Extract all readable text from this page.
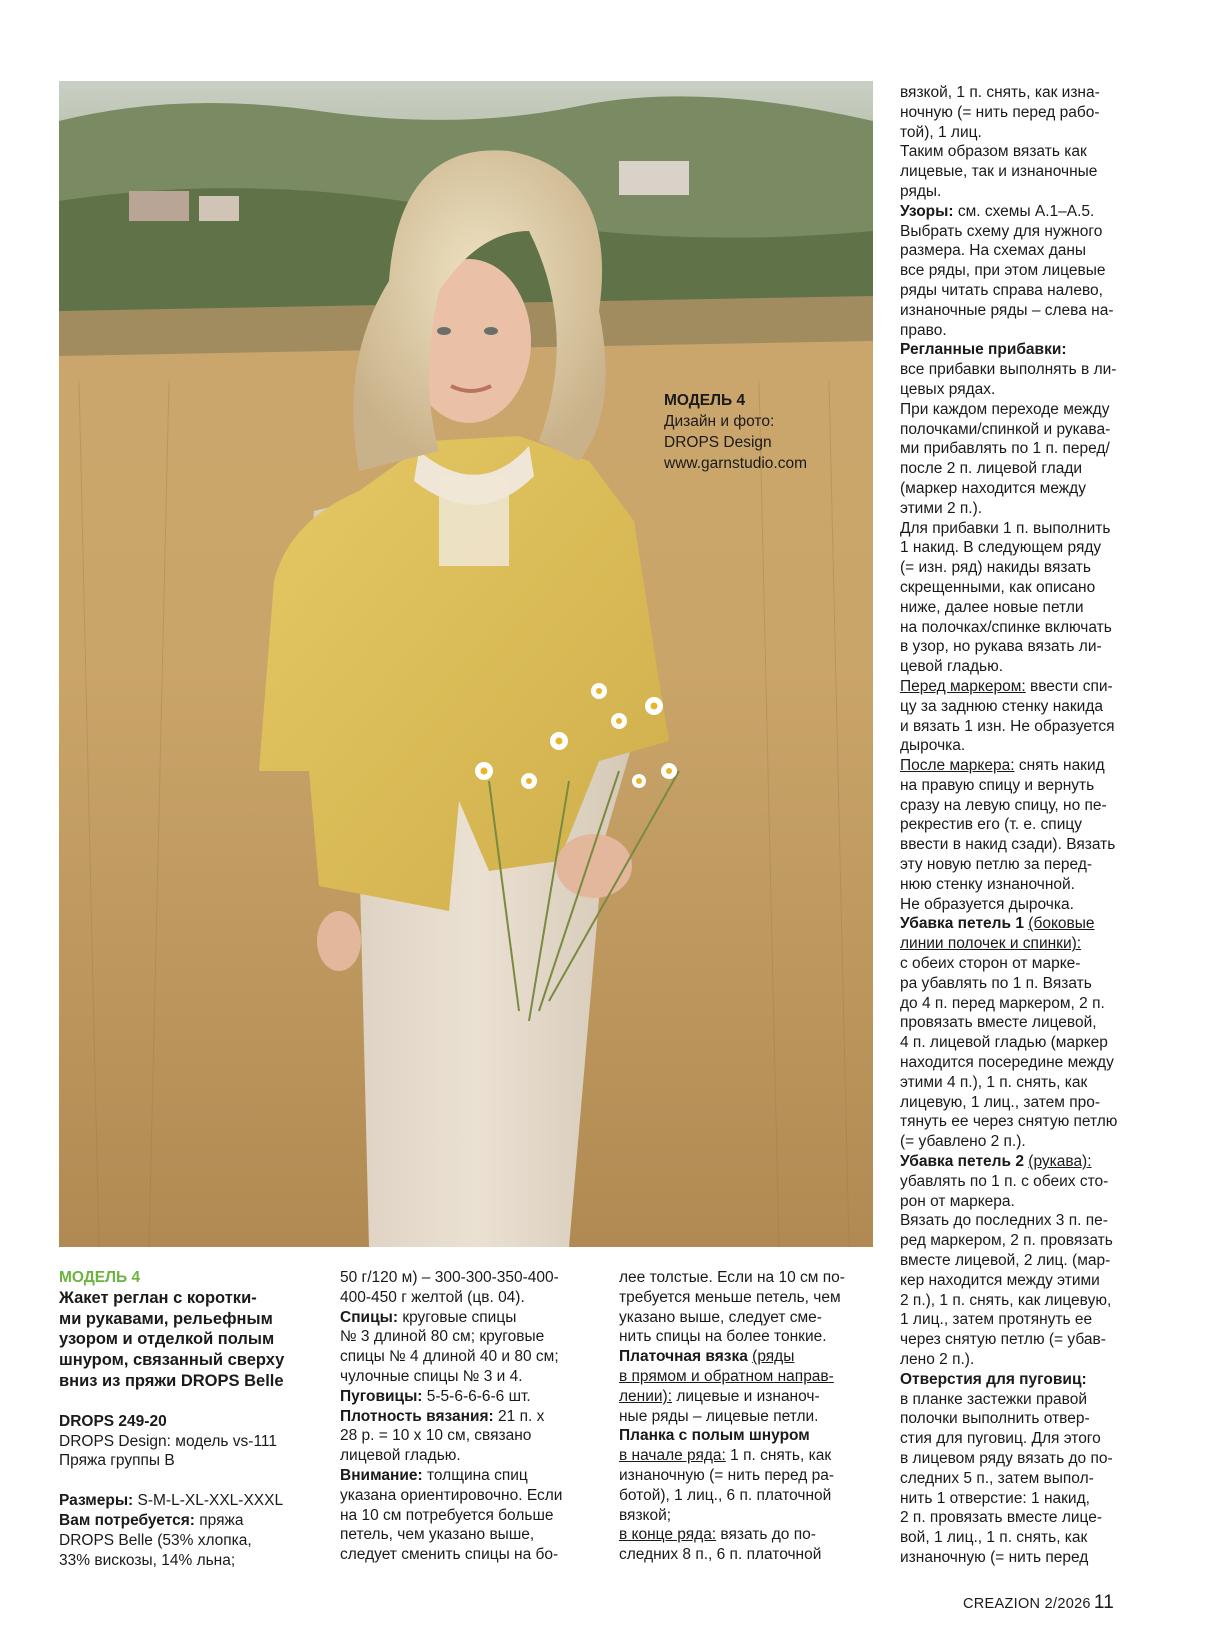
МОДЕЛЬ 4
Дизайн и фото:
DROPS Design
www.garnstudio.com

вязкой, 1 п. снять, как изна-

ночную (= нить перед рабо-

той), 1 лиц.

Таким образом вязать как

лицевые, так и изнаночные

ряды.

Узоры: см. схемы А.1–А.5.

Выбрать схему для нужного

размера. На схемах даны

все ряды, при этом лицевые

ряды читать справа налево,

изнаночные ряды – слева на-

право.

Регланные прибавки:

все прибавки выполнять в ли-

цевых рядах.

При каждом переходе между

полочками/спинкой и рукава-

ми прибавлять по 1 п. перед/

после 2 п. лицевой глади

(маркер находится между

этими 2 п.).

Для прибавки 1 п. выполнить

1 накид. В следующем ряду

(= изн. ряд) накиды вязать

скрещенными, как описано

ниже, далее новые петли

на полочках/спинке включать

в узор, но рукава вязать ли-

цевой гладью.

Перед маркером: ввести спи-

цу за заднюю стенку накида

и вязать 1 изн. Не образуется

дырочка.

После маркера: снять накид

на правую спицу и вернуть

сразу на левую спицу, но пе-

рекрестив его (т. е. спицу

ввести в накид сзади). Вязать

эту новую петлю за перед-

нюю стенку изнаночной.

Не образуется дырочка.

Убавка петель 1 (боковые

линии полочек и спинки):

с обеих сторон от марке-

ра убавлять по 1 п. Вязать

до 4 п. перед маркером, 2 п.

провязать вместе лицевой,

4 п. лицевой гладью (маркер

находится посередине между

этими 4 п.), 1 п. снять, как

лицевую, 1 лиц., затем про-

тянуть ее через снятую петлю

(= убавлено 2 п.).

Убавка петель 2 (рукава):

убавлять по 1 п. с обеих сто-

рон от маркера.

Вязать до последних 3 п. пе-

ред маркером, 2 п. провязать

вместе лицевой, 2 лиц. (мар-

кер находится между этими

2 п.), 1 п. снять, как лицевую,

1 лиц., затем протянуть ее

через снятую петлю (= убав-

лено 2 п.).

Отверстия для пуговиц:

в планке застежки правой

полочки выполнить отвер-

стия для пуговиц. Для этого

в лицевом ряду вязать до по-

следних 5 п., затем выпол-

нить 1 отверстие: 1 накид,

2 п. провязать вместе лице-

вой, 1 лиц., 1 п. снять, как

изнаночную (= нить перед

МОДЕЛЬ 4

Жакет реглан с коротки-

ми рукавами, рельефным

узором и отделкой полым

шнуром, связанный сверху

вниз из пряжи DROPS Belle

DROPS 249-20

DROPS Design: модель vs-111

Пряжа группы B

Размеры: S-M-L-XL-XXL-XXXL

Вам потребуется: пряжа

DROPS Belle (53% хлопка,

33% вискозы, 14% льна;

50 г/120 м) – 300-300-350-400-

400-450 г желтой (цв. 04).

Спицы: круговые спицы

№ 3 длиной 80 см; круговые

спицы № 4 длиной 40 и 80 см;

чулочные спицы № 3 и 4.

Пуговицы: 5-5-6-6-6-6 шт.

Плотность вязания: 21 п. х

28 р. = 10 х 10 см, связано

лицевой гладью.

Внимание: толщина спиц

указана ориентировочно. Если

на 10 см потребуется больше

петель, чем указано выше,

следует сменить спицы на бо-

лее толстые. Если на 10 см по-

требуется меньше петель, чем

указано выше, следует сме-

нить спицы на более тонкие.

Платочная вязка (ряды

в прямом и обратном направ-

лении): лицевые и изнаноч-

ные ряды – лицевые петли.

Планка с полым шнуром

в начале ряда: 1 п. снять, как

изнаночную (= нить перед ра-

ботой), 1 лиц., 6 п. платочной

вязкой;

в конце ряда: вязать до по-

следних 8 п., 6 п. платочной

CREAZION 2/2026 11
